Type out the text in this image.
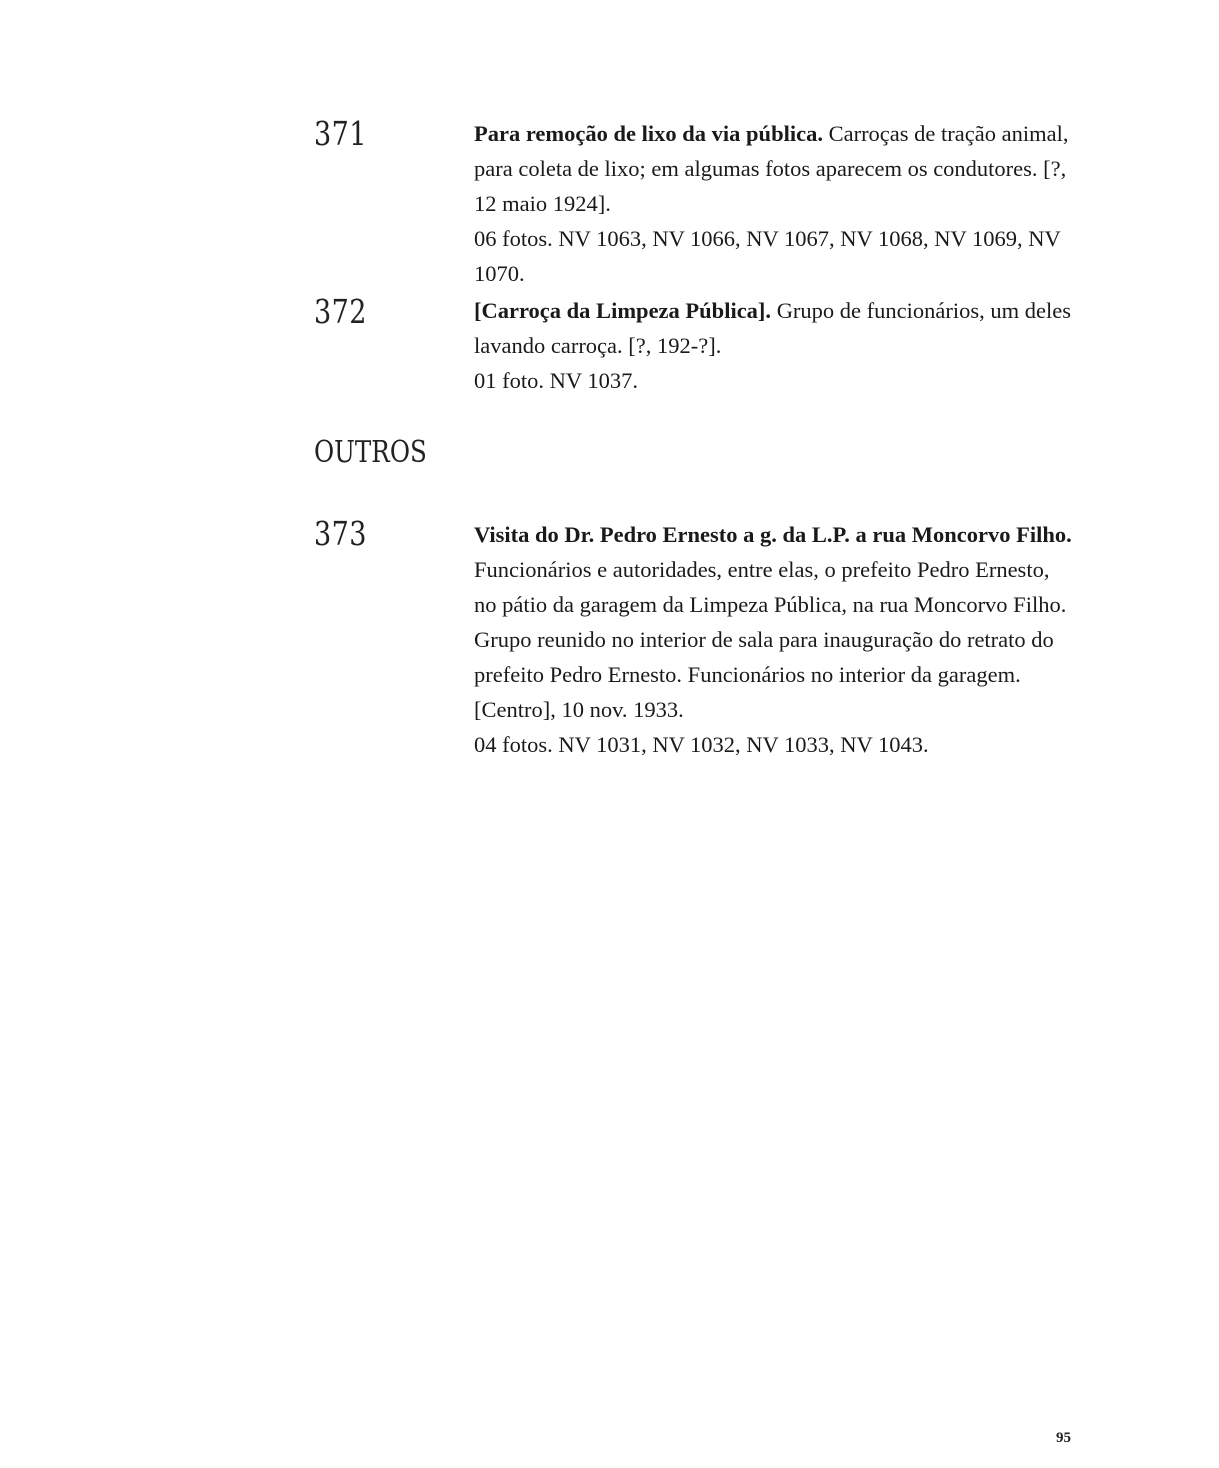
371	Para remoção de lixo da via pública. Carroças de tração animal, para coleta de lixo; em algumas fotos aparecem os condutores. [?, 12 maio 1924].

06 fotos. NV 1063, NV 1066, NV 1067, NV 1068, NV 1069, NV 1070.

372	[Carroça da Limpeza Pública]. Grupo de funcionários, um deles lavando carroça. [?, 192-?].

01 foto. NV 1037.

OUTROS
373	Visita do Dr. Pedro Ernesto a g. da L.P. a rua Moncorvo Filho. Funcionários e autoridades, entre elas, o prefeito Pedro Ernesto, no pátio da garagem da Limpeza Pública, na rua Moncorvo Filho. Grupo reunido no interior de sala para inauguração do retrato do prefeito Pedro Ernesto. Funcionários no interior da garagem. [Centro], 10 nov. 1933.

04 fotos. NV 1031, NV 1032, NV 1033, NV 1043.

95
